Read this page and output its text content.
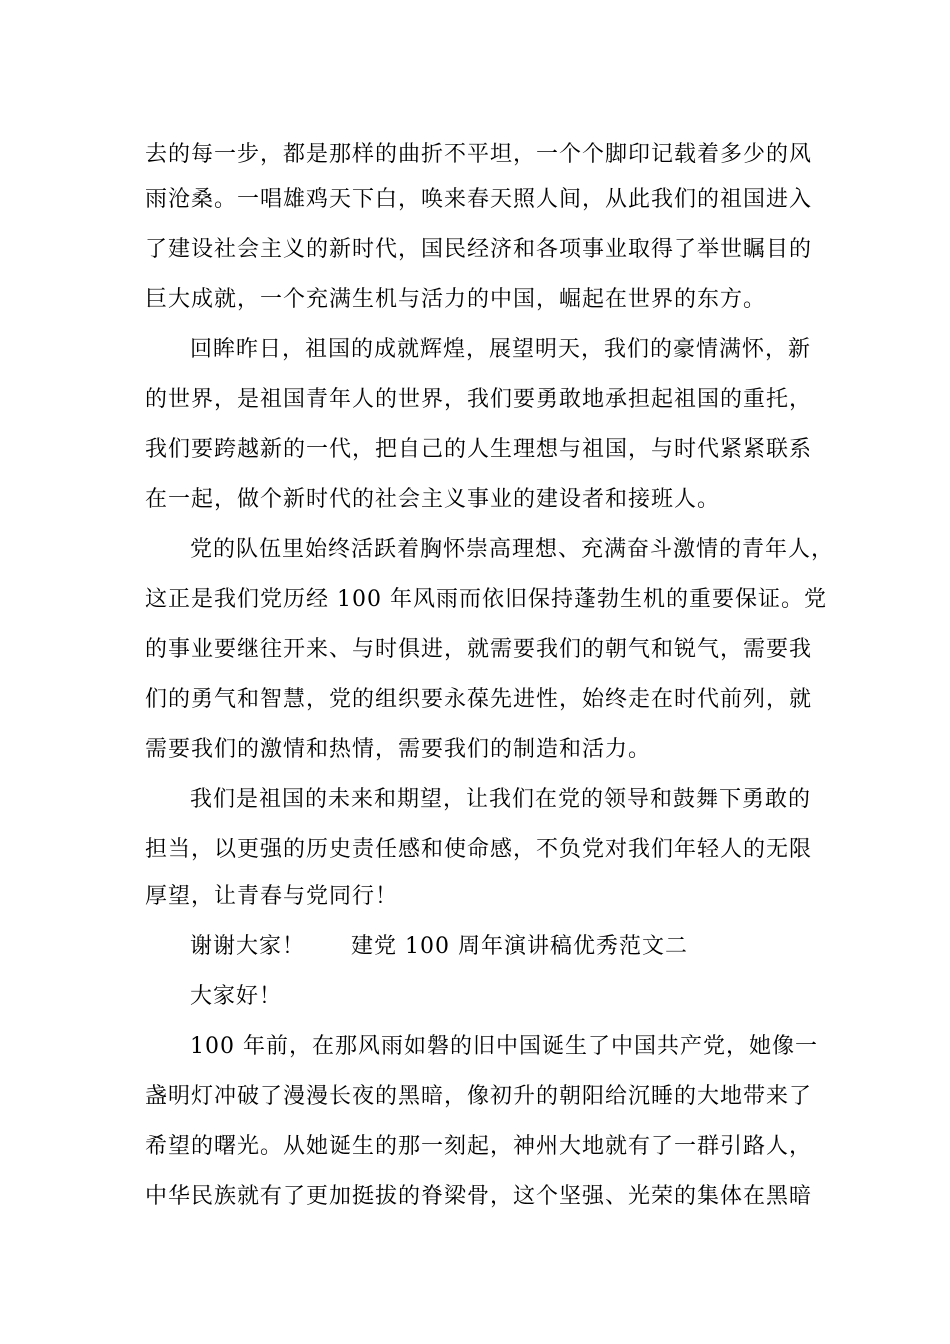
去的每一步，都是那样的曲折不平坦，一个个脚印记载着多少的风
雨沧桑。一唱雄鸡天下白，唤来春天照人间，从此我们的祖国进入
了建设社会主义的新时代，国民经济和各项事业取得了举世瞩目的
巨大成就，一个充满生机与活力的中国，崛起在世界的东方。
回眸昨日，祖国的成就辉煌，展望明天，我们的豪情满怀，新
的世界，是祖国青年人的世界，我们要勇敢地承担起祖国的重托，
我们要跨越新的一代，把自己的人生理想与祖国，与时代紧紧联系
在一起，做个新时代的社会主义事业的建设者和接班人。
党的队伍里始终活跃着胸怀崇高理想、充满奋斗激情的青年人，
这正是我们党历经 100 年风雨而依旧保持蓬勃生机的重要保证。党
的事业要继往开来、与时俱进，就需要我们的朝气和锐气，需要我
们的勇气和智慧，党的组织要永葆先进性，始终走在时代前列，就
需要我们的激情和热情，需要我们的制造和活力。
我们是祖国的未来和期望，让我们在党的领导和鼓舞下勇敢的
担当，以更强的历史责任感和使命感，不负党对我们年轻人的无限
厚望，让青春与党同行！
谢谢大家！ 建党 100 周年演讲稿优秀范文二
大家好！
100 年前，在那风雨如磐的旧中国诞生了中国共产党，她像一
盏明灯冲破了漫漫长夜的黑暗，像初升的朝阳给沉睡的大地带来了
希望的曙光。从她诞生的那一刻起，神州大地就有了一群引路人，
中华民族就有了更加挺拔的脊梁骨，这个坚强、光荣的集体在黑暗
